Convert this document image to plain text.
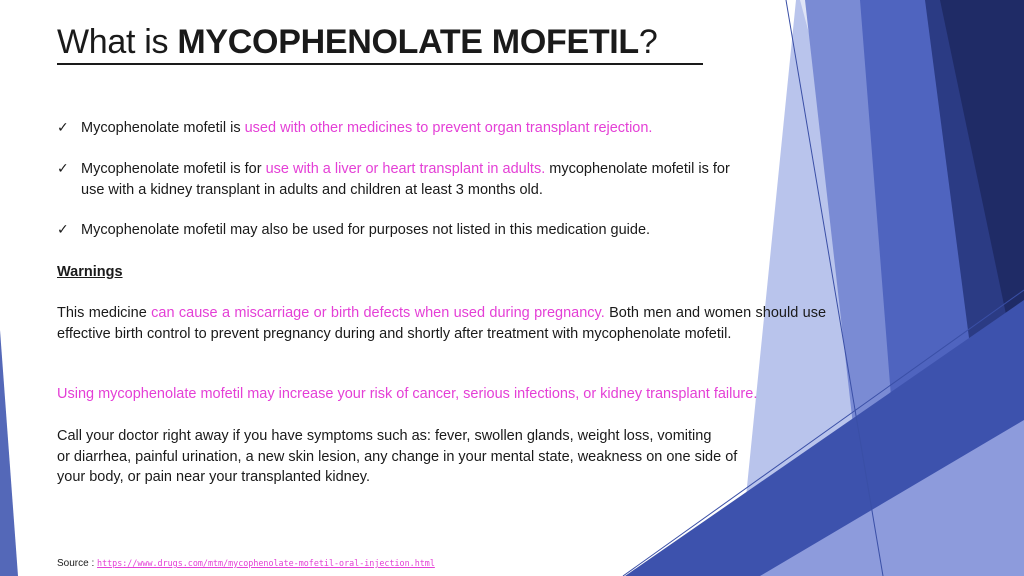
What is MYCOPHENOLATE MOFETIL?
✓ Mycophenolate mofetil is used with other medicines to prevent organ transplant rejection.
✓ Mycophenolate mofetil is for use with a liver or heart transplant in adults. mycophenolate mofetil is for
use with a kidney transplant in adults and children at least 3 months old.
✓ Mycophenolate mofetil may also be used for purposes not listed in this medication guide.
Warnings
This medicine can cause a miscarriage or birth defects when used during pregnancy. Both men and women should use effective birth control to prevent pregnancy during and shortly after treatment with mycophenolate mofetil.
Using mycophenolate mofetil may increase your risk of cancer, serious infections, or kidney transplant failure.
Call your doctor right away if you have symptoms such as: fever, swollen glands, weight loss, vomiting
or diarrhea, painful urination, a new skin lesion, any change in your mental state, weakness on one side of
your body, or pain near your transplanted kidney.
Source : https://www.drugs.com/mtm/mycophenolate-mofetil-oral-injection.html
